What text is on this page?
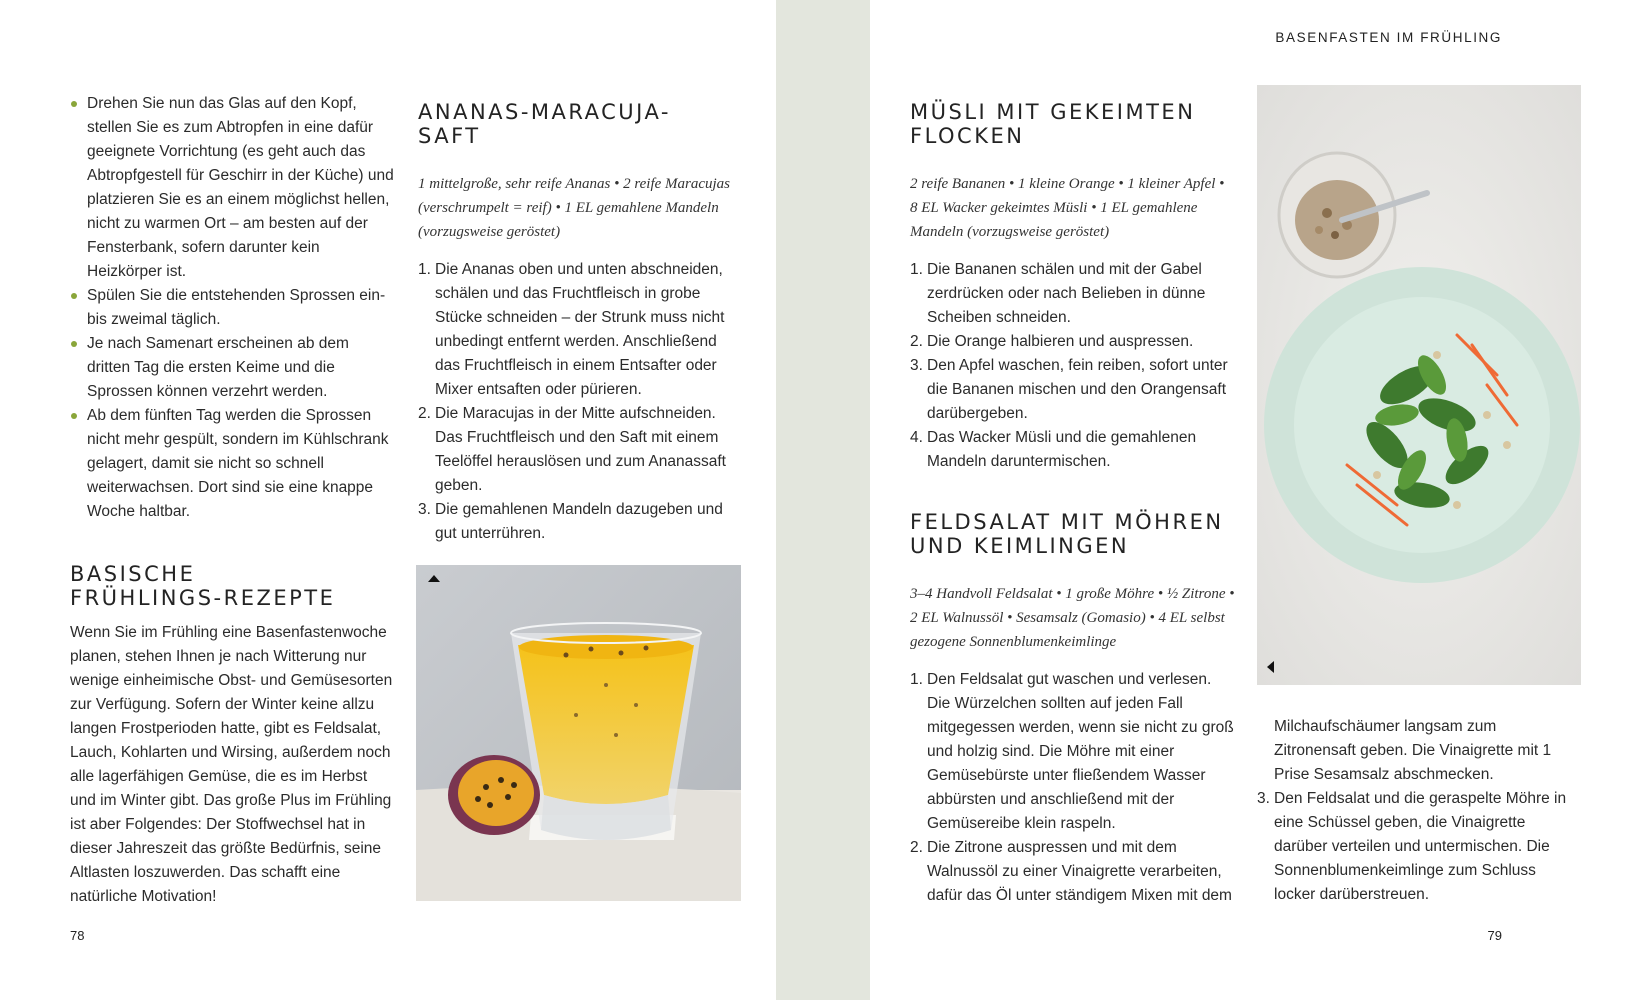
Drehen Sie nun das Glas auf den Kopf, stellen Sie es zum Abtropfen in eine dafür geeignete Vorrichtung (es geht auch das Abtropfgestell für Geschirr in der Küche) und platzieren Sie es an einem möglichst hellen, nicht zu warmen Ort – am besten auf der Fensterbank, sofern darunter kein Heizkörper ist.
Spülen Sie die entstehenden Sprossen ein- bis zweimal täglich.
Je nach Samenart erscheinen ab dem dritten Tag die ersten Keime und die Sprossen können verzehrt werden.
Ab dem fünften Tag werden die Sprossen nicht mehr gespült, sondern im Kühlschrank gelagert, damit sie nicht so schnell weiterwachsen. Dort sind sie eine knappe Woche haltbar.
BASISCHE FRÜHLINGS-REZEPTE

Wenn Sie im Frühling eine Basenfastenwoche planen, stehen Ihnen je nach Witterung nur wenige einheimische Obst- und Gemüsesorten zur Verfügung. Sofern der Winter keine allzu langen Frostperioden hatte, gibt es Feldsalat, Lauch, Kohlarten und Wirsing, außerdem noch alle lagerfähigen Gemüse, die es im Herbst und im Winter gibt. Das große Plus im Frühling ist aber Folgendes: Der Stoffwechsel hat in dieser Jahreszeit das größte Bedürfnis, seine Altlasten loszuwerden. Das schafft eine natürliche Motivation!

ANANAS-MARACUJA-SAFT

1 mittelgroße, sehr reife Ananas • 2 reife Maracujas (verschrumpelt = reif) • 1 EL gemahlene Mandeln (vorzugsweise geröstet)

1. Die Ananas oben und unten abschneiden, schälen und das Fruchtfleisch in grobe Stücke schneiden – der Strunk muss nicht unbedingt entfernt werden. Anschließend das Fruchtfleisch in einem Entsafter oder Mixer entsaften oder pürieren.
2. Die Maracujas in der Mitte aufschneiden. Das Fruchtfleisch und den Saft mit einem Teelöffel herauslösen und zum Ananassaft geben.
3. Die gemahlenen Mandeln dazugeben und gut unterrühren.
78
BASENFASTEN IM FRÜHLING
MÜSLI MIT GEKEIMTEN FLOCKEN

2 reife Bananen • 1 kleine Orange • 1 kleiner Apfel • 8 EL Wacker gekeimtes Müsli • 1 EL gemahlene Mandeln (vorzugsweise geröstet)

1. Die Bananen schälen und mit der Gabel zerdrücken oder nach Belieben in dünne Scheiben schneiden.
2. Die Orange halbieren und auspressen.
3. Den Apfel waschen, fein reiben, sofort unter die Bananen mischen und den Orangensaft darübergeben.
4. Das Wacker Müsli und die gemahlenen Mandeln daruntermischen.
FELDSALAT MIT MÖHREN UND KEIMLINGEN

3–4 Handvoll Feldsalat • 1 große Möhre • ½ Zitrone • 2 EL Walnussöl • Sesamsalz (Gomasio) • 4 EL selbst gezogene Sonnenblumenkeimlinge

1. Den Feldsalat gut waschen und verlesen. Die Würzelchen sollten auf jeden Fall mitgegessen werden, wenn sie nicht zu groß und holzig sind. Die Möhre mit einer Gemüsebürste unter fließendem Wasser abbürsten und anschließend mit der Gemüsereibe klein raspeln.
2. Die Zitrone auspressen und mit dem Walnussöl zu einer Vinaigrette verarbeiten, dafür das Öl unter ständigem Mixen mit dem

Milchaufschäumer langsam zum Zitronensaft geben. Die Vinaigrette mit 1 Prise Sesamsalz abschmecken.

3. Den Feldsalat und die geraspelte Möhre in eine Schüssel geben, die Vinaigrette darüber verteilen und untermischen. Die Sonnenblumenkeimlinge zum Schluss locker darüberstreuen.
79
